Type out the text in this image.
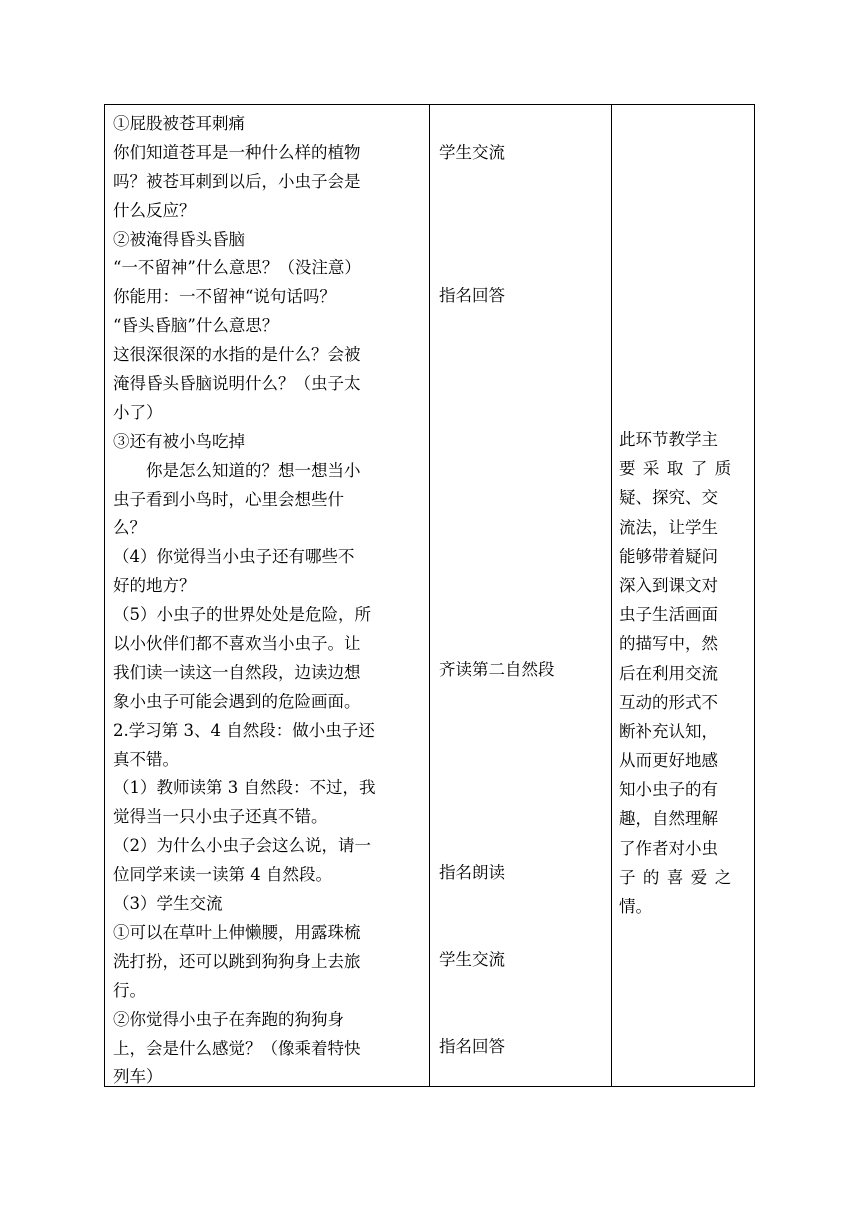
①屁股被苍耳刺痛
你们知道苍耳是一种什么样的植物
吗？被苍耳刺到以后，小虫子会是
什么反应？
②被淹得昏头昏脑
“一不留神”什么意思？（没注意）
你能用：一不留神“说句话吗？
“昏头昏脑”什么意思？
这很深很深的水指的是什么？会被
淹得昏头昏脑说明什么？（虫子太
小了）
③还有被小鸟吃掉
　　你是怎么知道的？想一想当小
虫子看到小鸟时，心里会想些什
么？
（4）你觉得当小虫子还有哪些不
好的地方？
（5）小虫子的世界处处是危险，所
以小伙伴们都不喜欢当小虫子。让
我们读一读这一自然段，边读边想
象小虫子可能会遇到的危险画面。
2.学习第 3、4 自然段：做小虫子还
真不错。
（1）教师读第 3 自然段：不过，我
觉得当一只小虫子还真不错。
（2）为什么小虫子会这么说，请一
位同学来读一读第 4 自然段。
（3）学生交流
①可以在草叶上伸懒腰，用露珠梳
洗打扮，还可以跳到狗狗身上去旅
行。
②你觉得小虫子在奔跑的狗狗身
上，会是什么感觉？（像乘着特快
列车）
学生交流
指名回答
齐读第二自然段
指名朗读
学生交流
指名回答
此环节教学主
要采取了质
疑、探究、交
流法，让学生
能够带着疑问
深入到课文对
虫子生活画面
的描写中，然
后在利用交流
互动的形式不
断补充认知，
从而更好地感
知小虫子的有
趣，自然理解
了作者对小虫
子的喜爱之
情。
